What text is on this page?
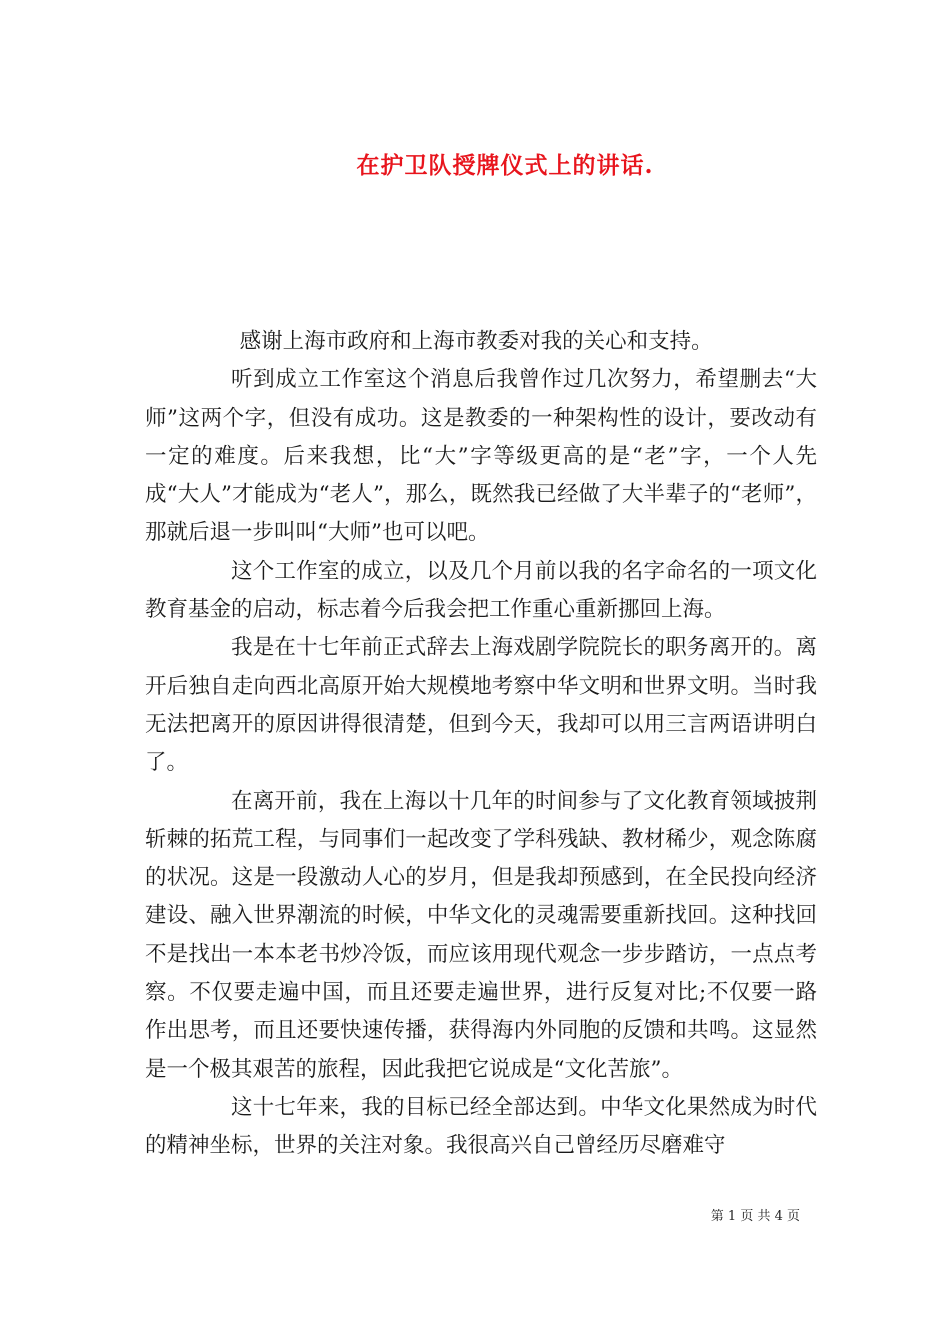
在护卫队授牌仪式上的讲话.

感谢上海市政府和上海市教委对我的关心和支持。

听到成立工作室这个消息后我曾作过几次努力，希望删去“大师”这两个字，但没有成功。这是教委的一种架构性的设计，要改动有一定的难度。后来我想，比“大”字等级更高的是“老”字，一个人先成“大人”才能成为“老人”，那么，既然我已经做了大半辈子的“老师”，那就后退一步叫叫“大师”也可以吧。

这个工作室的成立，以及几个月前以我的名字命名的一项文化教育基金的启动，标志着今后我会把工作重心重新挪回上海。

我是在十七年前正式辞去上海戏剧学院院长的职务离开的。离开后独自走向西北高原开始大规模地考察中华文明和世界文明。当时我无法把离开的原因讲得很清楚，但到今天，我却可以用三言两语讲明白了。

在离开前，我在上海以十几年的时间参与了文化教育领域披荆斩棘的拓荒工程，与同事们一起改变了学科残缺、教材稀少，观念陈腐的状况。这是一段激动人心的岁月，但是我却预感到，在全民投向经济建设、融入世界潮流的时候，中华文化的灵魂需要重新找回。这种找回不是找出一本本老书炒冷饭，而应该用现代观念一步步踏访，一点点考察。不仅要走遍中国，而且还要走遍世界，进行反复对比;不仅要一路作出思考，而且还要快速传播，获得海内外同胞的反馈和共鸣。这显然是一个极其艰苦的旅程，因此我把它说成是“文化苦旅”。

这十七年来，我的目标已经全部达到。中华文化果然成为时代的精神坐标，世界的关注对象。我很高兴自己曾经历尽磨难守

第 1 页 共 4 页
